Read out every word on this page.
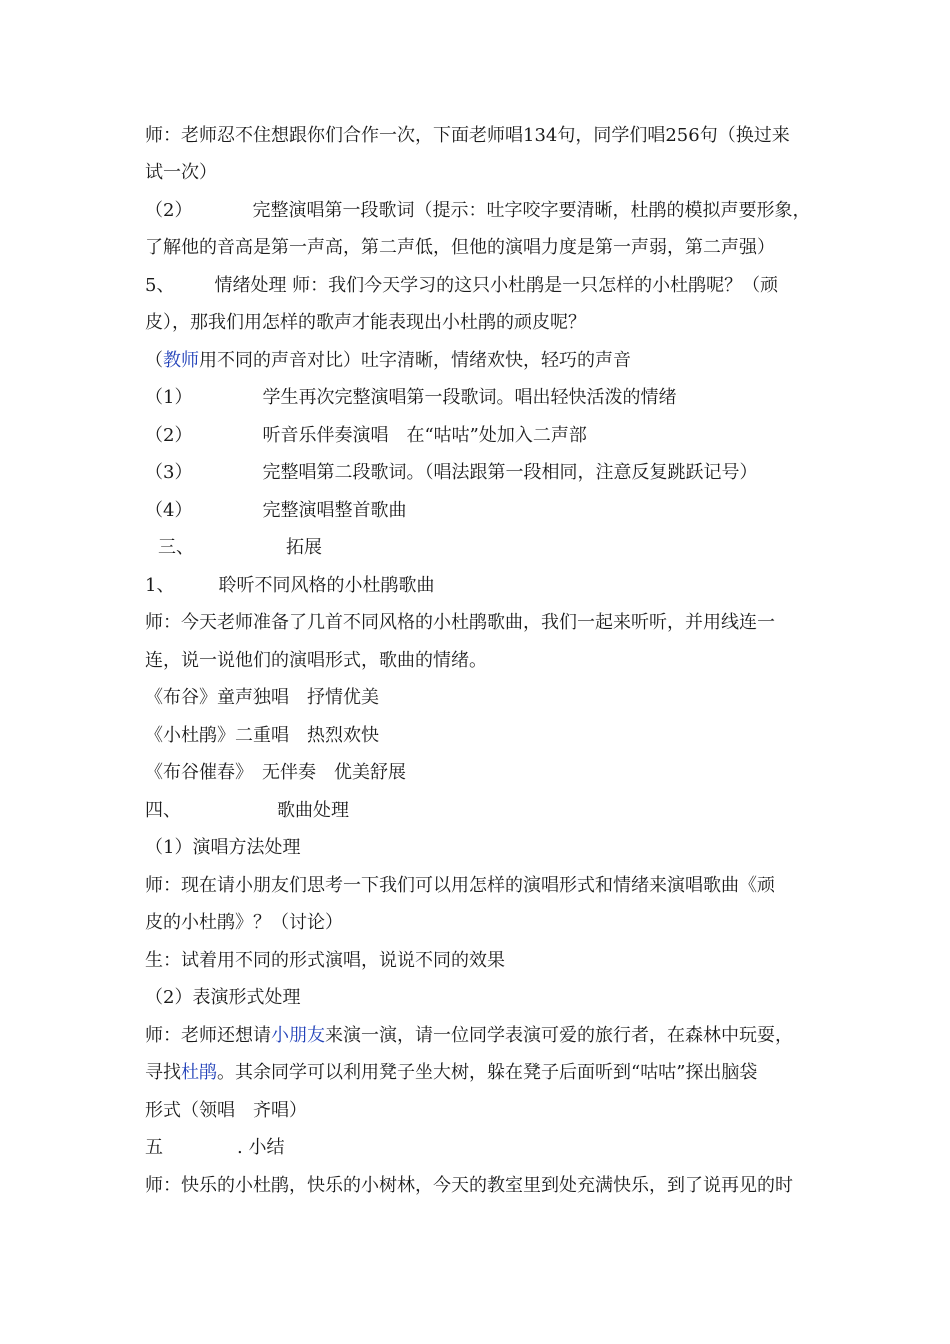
师：老师忍不住想跟你们合作一次，下面老师唱134句，同学们唱256句（换过来
试一次）
（2）	完整演唱第一段歌词（提示：吐字咬字要清晰，杜鹃的模拟声要形象，
了解他的音高是第一声高，第二声低，但他的演唱力度是第一声弱，第二声强）
5、 情绪处理 师：我们今天学习的这只小杜鹃是一只怎样的小杜鹃呢？（顽
皮），那我们用怎样的歌声才能表现出小杜鹃的顽皮呢？
（教师用不同的声音对比）吐字清晰，情绪欢快，轻巧的声音
（1）	学生再次完整演唱第一段歌词。唱出轻快活泼的情绪
（2）	听音乐伴奏演唱　在“咕咕”处加入二声部
（3）	完整唱第二段歌词。（唱法跟第一段相同，注意反复跳跃记号）
（4）	完整演唱整首歌曲
三、	拓展
1、 聆听不同风格的小杜鹃歌曲
师：今天老师准备了几首不同风格的小杜鹃歌曲，我们一起来听听，并用线连一
连，说一说他们的演唱形式，歌曲的情绪。
《布谷》童声独唱　抒情优美
《小杜鹃》二重唱　热烈欢快
《布谷催春》　无伴奏　优美舒展
四、	歌曲处理
（1）演唱方法处理
师：现在请小朋友们思考一下我们可以用怎样的演唱形式和情绪来演唱歌曲《顽
皮的小杜鹃》？（讨论）
生：试着用不同的形式演唱，说说不同的效果
（2）表演形式处理
师：老师还想请小朋友来演一演，请一位同学表演可爱的旅行者，在森林中玩耍，
寻找杜鹃。其余同学可以利用凳子坐大树，躲在凳子后面听到“咕咕”探出脑袋
形式（领唱　齐唱）
五	. 小结
师：快乐的小杜鹃，快乐的小树林，今天的教室里到处充满快乐，到了说再见的时
